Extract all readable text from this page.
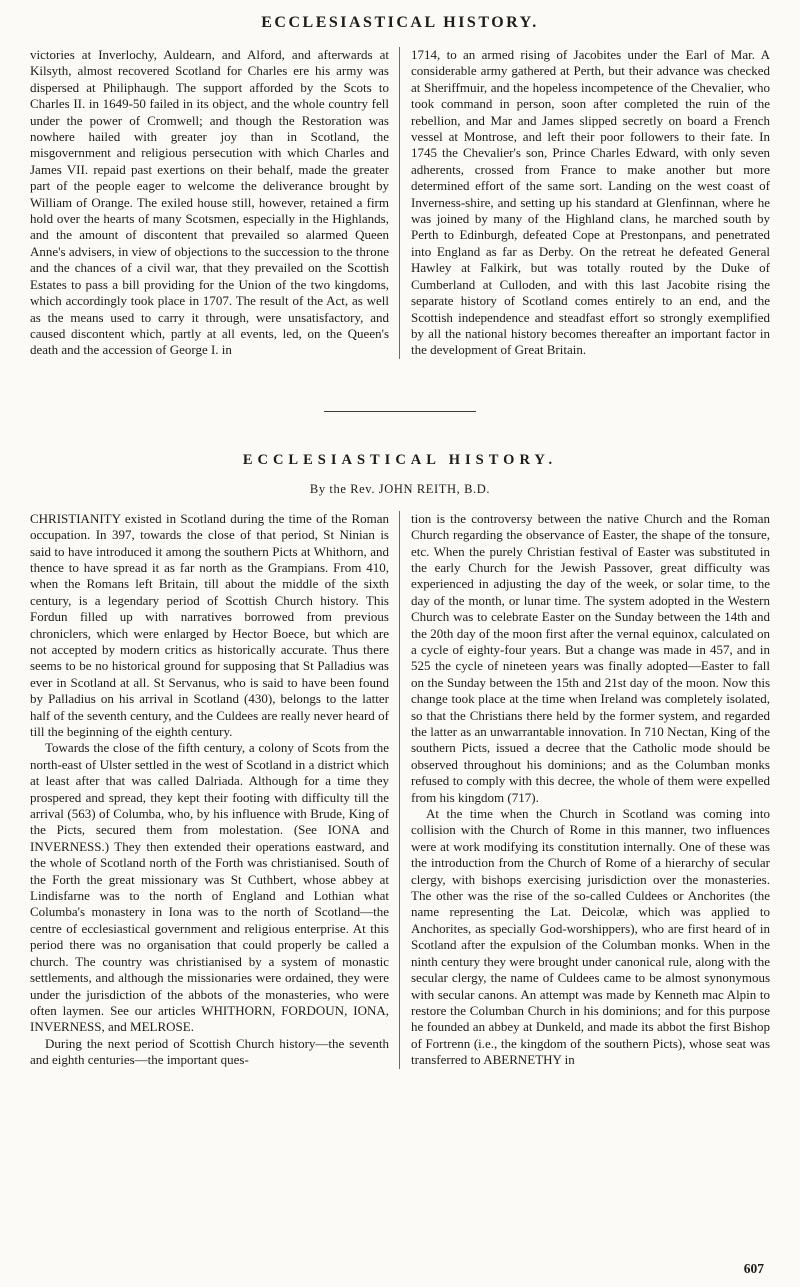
ECCLESIASTICAL HISTORY.

victories at Inverlochy, Auldearn, and Alford, and afterwards at Kilsyth, almost recovered Scotland for Charles ere his army was dispersed at Philiphaugh. The support afforded by the Scots to Charles II. in 1649-50 failed in its object, and the whole country fell under the power of Cromwell; and though the Restoration was nowhere hailed with greater joy than in Scotland, the misgovernment and religious persecution with which Charles and James VII. repaid past exertions on their behalf, made the greater part of the people eager to welcome the deliverance brought by William of Orange. The exiled house still, however, retained a firm hold over the hearts of many Scotsmen, especially in the Highlands, and the amount of discontent that prevailed so alarmed Queen Anne's advisers, in view of objections to the succession to the throne and the chances of a civil war, that they prevailed on the Scottish Estates to pass a bill providing for the Union of the two kingdoms, which accordingly took place in 1707. The result of the Act, as well as the means used to carry it through, were unsatisfactory, and caused discontent which, partly at all events, led, on the Queen's death and the accession of George I. in

1714, to an armed rising of Jacobites under the Earl of Mar. A considerable army gathered at Perth, but their advance was checked at Sheriffmuir, and the hopeless incompetence of the Chevalier, who took command in person, soon after completed the ruin of the rebellion, and Mar and James slipped secretly on board a French vessel at Montrose, and left their poor followers to their fate. In 1745 the Chevalier's son, Prince Charles Edward, with only seven adherents, crossed from France to make another but more determined effort of the same sort. Landing on the west coast of Inverness-shire, and setting up his standard at Glenfinnan, where he was joined by many of the Highland clans, he marched south by Perth to Edinburgh, defeated Cope at Prestonpans, and penetrated into England as far as Derby. On the retreat he defeated General Hawley at Falkirk, but was totally routed by the Duke of Cumberland at Culloden, and with this last Jacobite rising the separate history of Scotland comes entirely to an end, and the Scottish independence and steadfast effort so strongly exemplified by all the national history becomes thereafter an important factor in the development of Great Britain.

ECCLESIASTICAL HISTORY.
By the Rev. JOHN REITH, B.D.

CHRISTIANITY existed in Scotland during the time of the Roman occupation. In 397, towards the close of that period, St Ninian is said to have introduced it among the southern Picts at Whithorn, and thence to have spread it as far north as the Grampians. From 410, when the Romans left Britain, till about the middle of the sixth century, is a legendary period of Scottish Church history. This Fordun filled up with narratives borrowed from previous chroniclers, which were enlarged by Hector Boece, but which are not accepted by modern critics as historically accurate. Thus there seems to be no historical ground for supposing that St Palladius was ever in Scotland at all. St Servanus, who is said to have been found by Palladius on his arrival in Scotland (430), belongs to the latter half of the seventh century, and the Culdees are really never heard of till the beginning of the eighth century.

Towards the close of the fifth century, a colony of Scots from the north-east of Ulster settled in the west of Scotland in a district which at least after that was called Dalriada. Although for a time they prospered and spread, they kept their footing with difficulty till the arrival (563) of Columba, who, by his influence with Brude, King of the Picts, secured them from molestation. (See IONA and INVERNESS.) They then extended their operations eastward, and the whole of Scotland north of the Forth was christianised. South of the Forth the great missionary was St Cuthbert, whose abbey at Lindisfarne was to the north of England and Lothian what Columba's monastery in Iona was to the north of Scotland—the centre of ecclesiastical government and religious enterprise. At this period there was no organisation that could properly be called a church. The country was christianised by a system of monastic settlements, and although the missionaries were ordained, they were under the jurisdiction of the abbots of the monasteries, who were often laymen. See our articles WHITHORN, FORDOUN, IONA, INVERNESS, and MELROSE.

During the next period of Scottish Church history—the seventh and eighth centuries—the important ques-

tion is the controversy between the native Church and the Roman Church regarding the observance of Easter, the shape of the tonsure, etc. When the purely Christian festival of Easter was substituted in the early Church for the Jewish Passover, great difficulty was experienced in adjusting the day of the week, or solar time, to the day of the month, or lunar time. The system adopted in the Western Church was to celebrate Easter on the Sunday between the 14th and the 20th day of the moon first after the vernal equinox, calculated on a cycle of eighty-four years. But a change was made in 457, and in 525 the cycle of nineteen years was finally adopted—Easter to fall on the Sunday between the 15th and 21st day of the moon. Now this change took place at the time when Ireland was completely isolated, so that the Christians there held by the former system, and regarded the latter as an unwarrantable innovation. In 710 Nectan, King of the southern Picts, issued a decree that the Catholic mode should be observed throughout his dominions; and as the Columban monks refused to comply with this decree, the whole of them were expelled from his kingdom (717).

At the time when the Church in Scotland was coming into collision with the Church of Rome in this manner, two influences were at work modifying its constitution internally. One of these was the introduction from the Church of Rome of a hierarchy of secular clergy, with bishops exercising jurisdiction over the monasteries. The other was the rise of the so-called Culdees or Anchorites (the name representing the Lat. Deicolæ, which was applied to Anchorites, as specially God-worshippers), who are first heard of in Scotland after the expulsion of the Columban monks. When in the ninth century they were brought under canonical rule, along with the secular clergy, the name of Culdees came to be almost synonymous with secular canons. An attempt was made by Kenneth mac Alpin to restore the Columban Church in his dominions; and for this purpose he founded an abbey at Dunkeld, and made its abbot the first Bishop of Fortrenn (i.e., the kingdom of the southern Picts), whose seat was transferred to ABERNETHY in

607
